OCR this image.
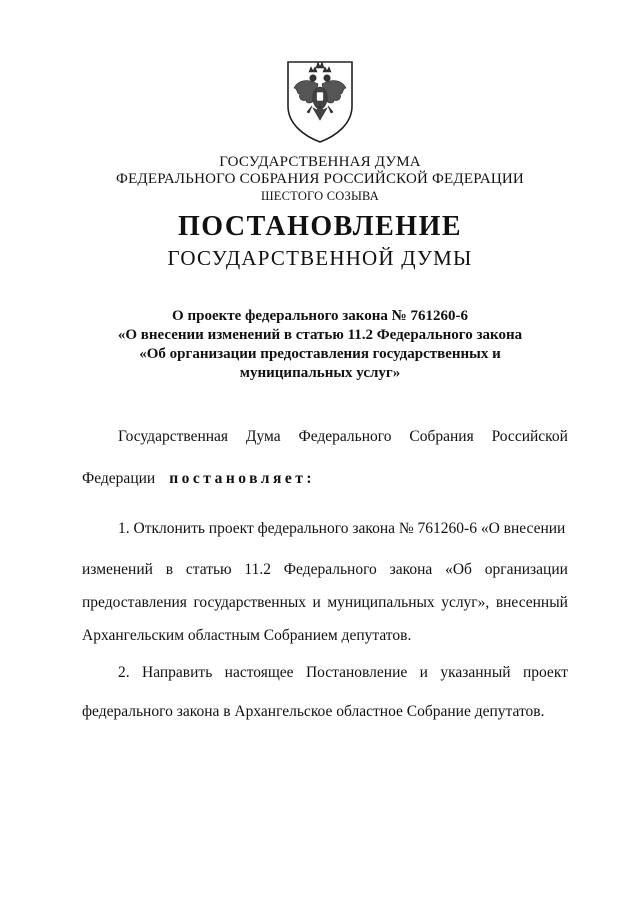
ГОСУДАРСТВЕННАЯ ДУМА
ФЕДЕРАЛЬНОГО СОБРАНИЯ РОССИЙСКОЙ ФЕДЕРАЦИИ
ШЕСТОГО СОЗЫВА
ПОСТАНОВЛЕНИЕ
ГОСУДАРСТВЕННОЙ ДУМЫ
О проекте федерального закона № 761260-6
«О внесении изменений в статью 11.2 Федерального закона
«Об организации предоставления государственных и
муниципальных услуг»
Государственная Дума Федерального Собрания Российской
Федерации постановляет:
1. Отклонить проект федерального закона № 761260-6 «О внесении
изменений в статью 11.2 Федерального закона «Об организации
предоставления государственных и муниципальных услуг», внесенный
Архангельским областным Собранием депутатов.
2. Направить настоящее Постановление и указанный проект
федерального закона в Архангельское областное Собрание депутатов.
